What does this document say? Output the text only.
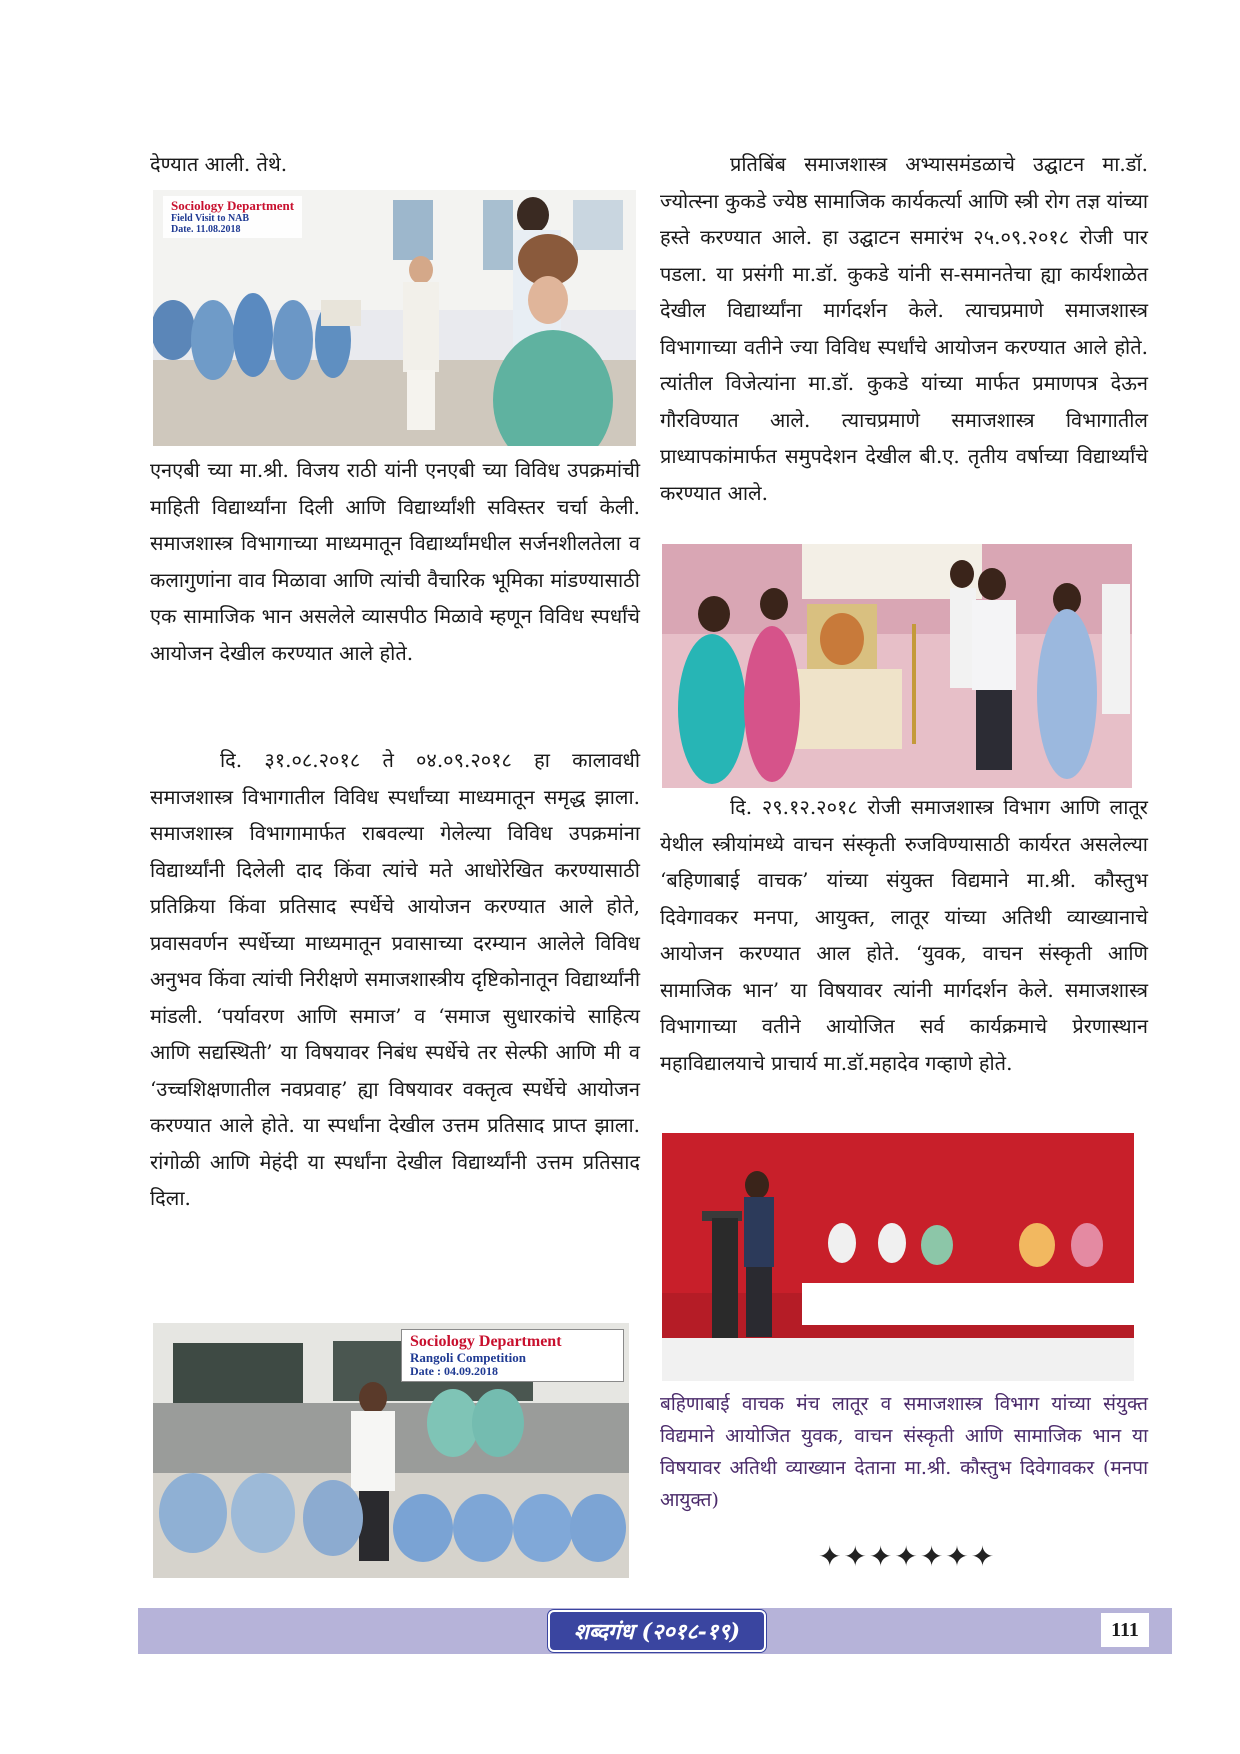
देण्यात आली. तेथे.

Sociology Department
Field Visit to NAB
Date. 11.08.2018

एनएबी च्या मा.श्री. विजय राठी यांनी एनएबी च्या विविध उपक्रमांची माहिती विद्यार्थ्यांना दिली आणि विद्यार्थ्यांशी सविस्तर चर्चा केली. समाजशास्त्र विभागाच्या माध्यमातून विद्यार्थ्यांमधील सर्जनशीलतेला व कलागुणांना वाव मिळावा आणि त्यांची वैचारिक भूमिका मांडण्यासाठी एक सामाजिक भान असलेले व्यासपीठ मिळावे म्हणून विविध स्पर्धांचे आयोजन देखील करण्यात आले होते.

दि. ३१.०८.२०१८ ते ०४.०९.२०१८ हा कालावधी समाजशास्त्र विभागातील विविध स्पर्धांच्या माध्यमातून समृद्ध झाला. समाजशास्त्र विभागामार्फत राबवल्या गेलेल्या विविध उपक्रमांना विद्यार्थ्यांनी दिलेली दाद किंवा त्यांचे मते आधोरेखित करण्यासाठी प्रतिक्रिया किंवा प्रतिसाद स्पर्धेचे आयोजन करण्यात आले होते, प्रवासवर्णन स्पर्धेच्या माध्यमातून प्रवासाच्या दरम्यान आलेले विविध अनुभव किंवा त्यांची निरीक्षणे समाजशास्त्रीय दृष्टिकोनातून विद्यार्थ्यांनी मांडली. ‘पर्यावरण आणि समाज’ व ‘समाज सुधारकांचे साहित्य आणि सद्यस्थिती’ या विषयावर निबंध स्पर्धेचे तर सेल्फी आणि मी व ‘उच्चशिक्षणातील नवप्रवाह’ ह्या विषयावर वक्तृत्व स्पर्धेचे आयोजन करण्यात आले होते. या स्पर्धांना देखील उत्तम प्रतिसाद प्राप्त झाला. रांगोळी आणि मेहंदी या स्पर्धांना देखील विद्यार्थ्यांनी उत्तम प्रतिसाद दिला.

Sociology Department
Rangoli Competition
Date : 04.09.2018

प्रतिबिंब समाजशास्त्र अभ्यासमंडळाचे उद्घाटन मा.डॉ. ज्योत्स्ना कुकडे ज्येष्ठ सामाजिक कार्यकर्त्या आणि स्त्री रोग तज्ञ यांच्या हस्ते करण्यात आले. हा उद्घाटन समारंभ २५.०९.२०१८ रोजी पार पडला. या प्रसंगी मा.डॉ. कुकडे यांनी स-समानतेचा ह्या कार्यशाळेत देखील विद्यार्थ्यांना मार्गदर्शन केले. त्याचप्रमाणे समाजशास्त्र विभागाच्या वतीने ज्या विविध स्पर्धांचे आयोजन करण्यात आले होते. त्यांतील विजेत्यांना मा.डॉ. कुकडे यांच्या मार्फत प्रमाणपत्र देऊन गौरविण्यात आले. त्याचप्रमाणे समाजशास्त्र विभागातील प्राध्यापकांमार्फत समुपदेशन देखील बी.ए. तृतीय वर्षाच्या विद्यार्थ्यांचे करण्यात आले.

दि. २९.१२.२०१८ रोजी समाजशास्त्र विभाग आणि लातूर येथील स्त्रीयांमध्ये वाचन संस्कृती रुजविण्यासाठी कार्यरत असलेल्या ‘बहिणाबाई वाचक’ यांच्या संयुक्त विद्यमाने मा.श्री. कौस्तुभ दिवेगावकर मनपा, आयुक्त, लातूर यांच्या अतिथी व्याख्यानाचे आयोजन करण्यात आल होते. ‘युवक, वाचन संस्कृती आणि सामाजिक भान’ या विषयावर त्यांनी मार्गदर्शन केले. समाजशास्त्र विभागाच्या वतीने आयोजित सर्व कार्यक्रमाचे प्रेरणास्थान महाविद्यालयाचे प्राचार्य मा.डॉ.महादेव गव्हाणे होते.

बहिणाबाई वाचक मंच लातूर व समाजशास्त्र विभाग यांच्या संयुक्त विद्यमाने आयोजित युवक, वाचन संस्कृती आणि सामाजिक भान या विषयावर अतिथी व्याख्यान देताना मा.श्री. कौस्तुभ दिवेगावकर (मनपा आयुक्त)

✦✦✦✦✦✦✦
शब्दगंध (२०१८-१९)	111
